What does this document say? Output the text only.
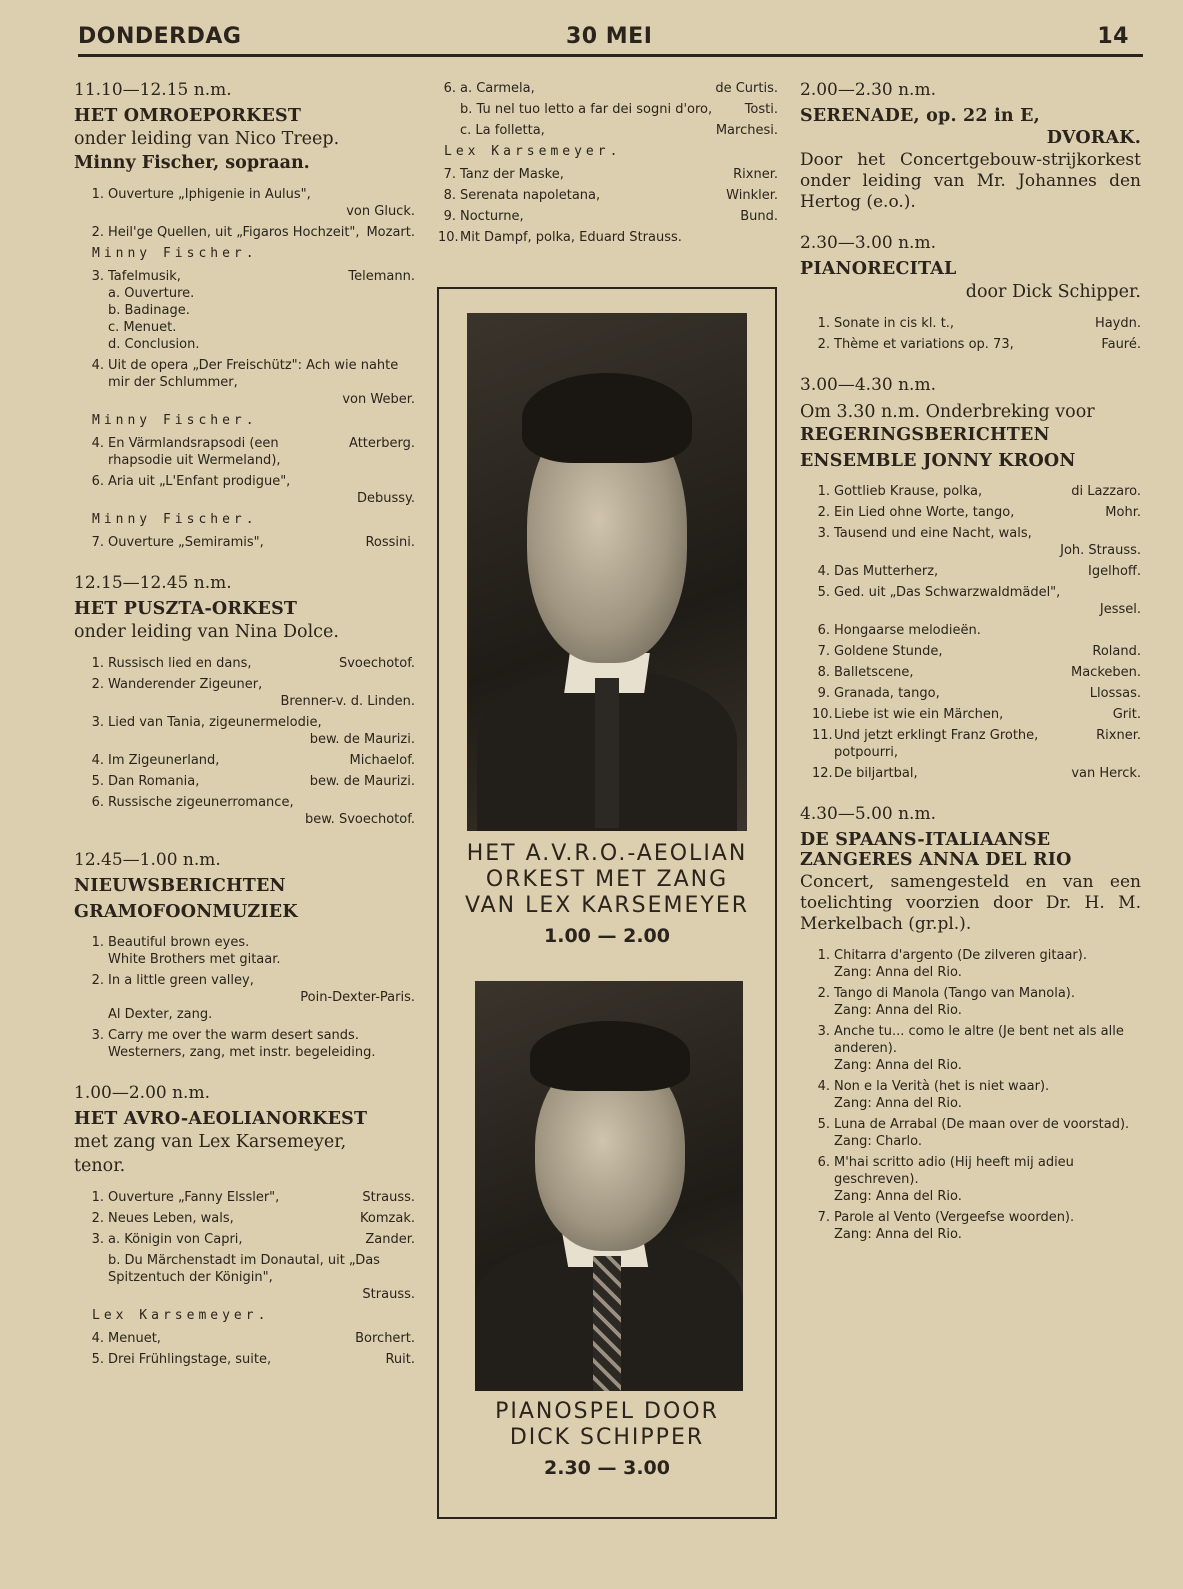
DONDERDAG	30 MEI	14
11.10—12.15 n.m.
HET OMROEPORKEST
onder leiding van Nico Treep.
Minny Fischer, sopraan.
1. Ouverture „Iphigenie in Aulus",
von Gluck.
2. Heil'ge Quellen, uit „Figaros Hochzeit", Mozart.
Minny Fischer.
3. Tafelmusik,	Telemann.
a. Ouverture.
b. Badinage.
c. Menuet.
d. Conclusion.
4. Uit de opera „Der Freischütz": Ach wie nahte mir der Schlummer,
von Weber.
Minny Fischer.
4. En Värmlandsrapsodi (een rhapsodie uit Wermeland),
Atterberg.
6. Aria uit „L'Enfant prodigue",
Debussy.
Minny Fischer.
7. Ouverture „Semiramis",	Rossini.
12.15—12.45 n.m.
HET PUSZTA-ORKEST
onder leiding van Nina Dolce.
1. Russisch lied en dans,	Svoechotof.
2. Wanderender Zigeuner,
Brenner-v. d. Linden.
3. Lied van Tania, zigeunermelodie,
bew. de Maurizi.
4. Im Zigeunerland,	Michaelof.
5. Dan Romania,	bew. de Maurizi.
6. Russische zigeunerromance,
bew. Svoechotof.
12.45—1.00 n.m.
NIEUWSBERICHTEN
GRAMOFOONMUZIEK
1. Beautiful brown eyes.
White Brothers met gitaar.
2. In a little green valley,
Poin-Dexter-Paris.
Al Dexter, zang.
3. Carry me over the warm desert sands.
Westerners, zang, met instr. begeleiding.
1.00—2.00 n.m.
HET AVRO-AEOLIANORKEST
met zang van Lex Karsemeyer,
tenor.
1. Ouverture „Fanny Elssler",	Strauss.
2. Neues Leben, wals,	Komzak.
3. a. Königin von Capri,	Zander.
b. Du Märchenstadt im Donautal, uit „Das Spitzentuch der Königin",
Strauss.
Lex Karsemeyer.
4. Menuet,	Borchert.
5. Drei Frühlingstage, suite,	Ruit.
6. a. Carmela,	de Curtis.
b. Tu nel tuo letto a far dei sogni d'oro,	Tosti.
c. La folletta,	Marchesi.
Lex Karsemeyer.
7. Tanz der Maske,	Rixner.
8. Serenata napoletana,	Winkler.
9. Nocturne,	Bund.
10. Mit Dampf, polka, Eduard Strauss.
HET A.V.R.O.-AEOLIAN
ORKEST MET ZANG
VAN LEX KARSEMEYER
1.00 — 2.00
PIANOSPEL DOOR
DICK SCHIPPER
2.30 — 3.00
2.00—2.30 n.m.
SERENADE, op. 22 in E,
DVORAK.
Door het Concertgebouw-strijkorkest onder leiding van Mr. Johannes den Hertog (e.o.).
2.30—3.00 n.m.
PIANORECITAL
door Dick Schipper.
1. Sonate in cis kl. t.,	Haydn.
2. Thème et variations op. 73,	Fauré.
3.00—4.30 n.m.
Om 3.30 n.m. Onderbreking voor
REGERINGSBERICHTEN
ENSEMBLE JONNY KROON
1. Gottlieb Krause, polka,	di Lazzaro.
2. Ein Lied ohne Worte, tango,	Mohr.
3. Tausend und eine Nacht, wals,
Joh. Strauss.
4. Das Mutterherz,	Igelhoff.
5. Ged. uit „Das Schwarzwaldmädel",
Jessel.
6. Hongaarse melodieën.
7. Goldene Stunde,	Roland.
8. Balletscene,	Mackeben.
9. Granada, tango,	Llossas.
10. Liebe ist wie ein Märchen,	Grit.
11. Und jetzt erklingt Franz Grothe, potpourri,
Rixner.
12. De biljartbal,	van Herck.
4.30—5.00 n.m.
DE SPAANS-ITALIAANSE ZANGERES ANNA DEL RIO
Concert, samengesteld en van een toelichting voorzien door Dr. H. M. Merkelbach (gr.pl.).
1. Chitarra d'argento (De zilveren gitaar).
Zang: Anna del Rio.
2. Tango di Manola (Tango van Manola).
Zang: Anna del Rio.
3. Anche tu... como le altre (Je bent net als alle anderen).
Zang: Anna del Rio.
4. Non e la Verità (het is niet waar).
Zang: Anna del Rio.
5. Luna de Arrabal (De maan over de voorstad).
Zang: Charlo.
6. M'hai scritto adio (Hij heeft mij adieu geschreven).
Zang: Anna del Rio.
7. Parole al Vento (Vergeefse woorden).
Zang: Anna del Rio.
